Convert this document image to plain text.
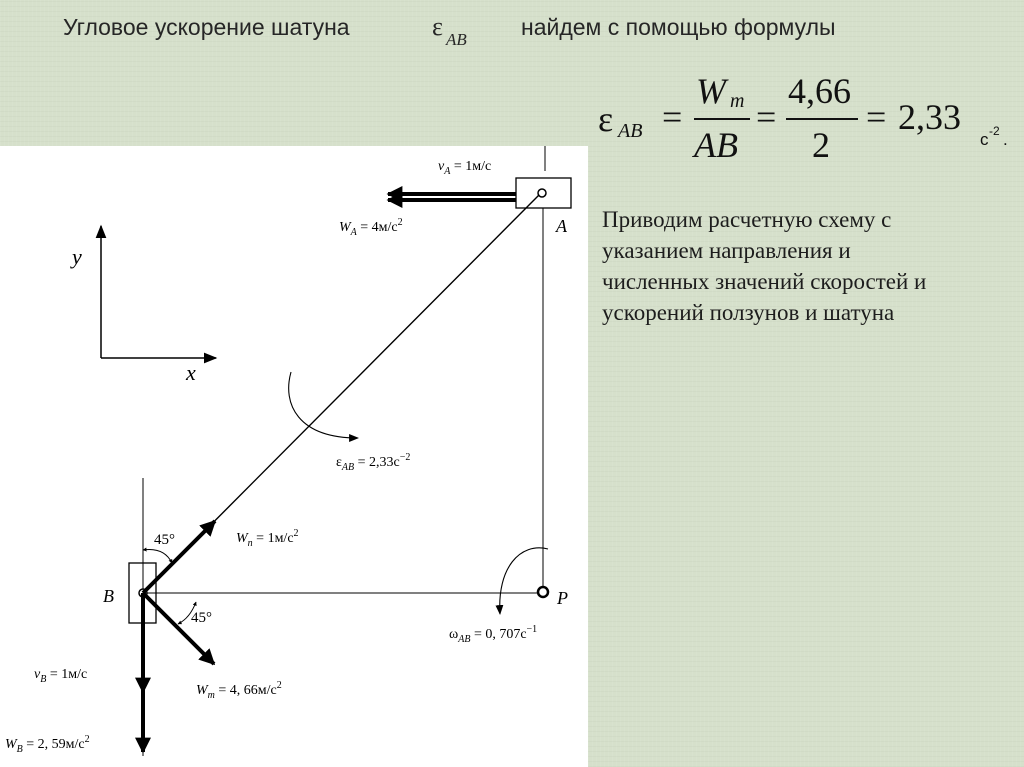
Угловое ускорение шатуна	ε AB найдем с помощью формулы
ε AB =
W m
AB
=
4,66
2
= 2,33
с -2 .
Приводим расчетную схему с
указанием направления и
численных значений скоростей и
ускорений ползунов и шатуна
y
x
A
B	P
$v_A = 1м/с$
$W_A = 4м/с^2$
$\varepsilon_{AB} = 2,33с^{-2}$
$W_n = 1м/с^2$
45°
$W_m = 4$, $66м/с^2$
45°
$v_B = 1м/с$
$W_B = 2$, $59м/с^2$
$\omega_{AB} = 0$, $707с^{-1}$
